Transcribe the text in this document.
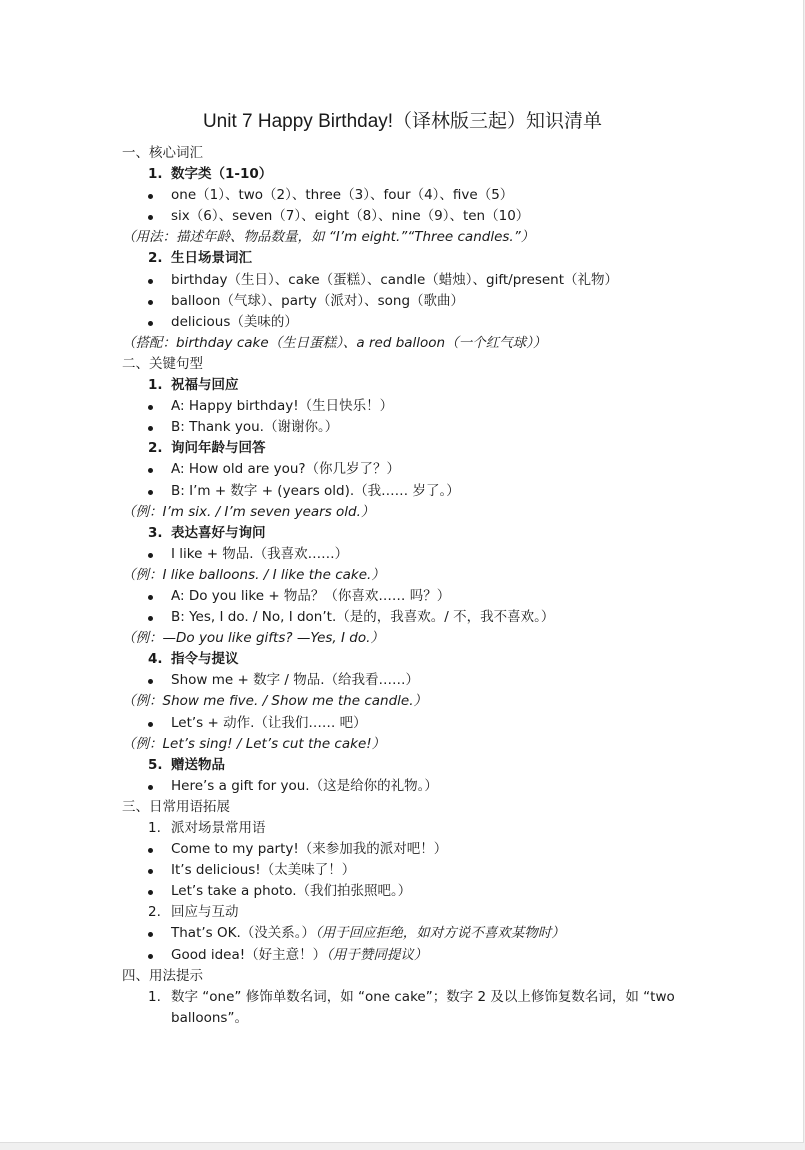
Unit 7 Happy Birthday!（译林版三起）知识清单
一、核心词汇
1. 数字类（1-10）
one（1）、two（2）、three（3）、four（4）、five（5）
six（6）、seven（7）、eight（8）、nine（9）、ten（10）
（用法：描述年龄、物品数量，如 “I’m eight.”“Three candles.”）
2. 生日场景词汇
birthday（生日）、cake（蛋糕）、candle（蜡烛）、gift/present（礼物）
balloon（气球）、party（派对）、song（歌曲）
delicious（美味的）
（搭配：birthday cake（生日蛋糕）、a red balloon（一个红气球））
二、关键句型
1. 祝福与回应
A: Happy birthday!（生日快乐！）
B: Thank you.（谢谢你。）
2. 询问年龄与回答
A: How old are you?（你几岁了？）
B: I’m + 数字 + (years old).（我…… 岁了。）
（例：I’m six. / I’m seven years old.）
3. 表达喜好与询问
I like + 物品.（我喜欢……）
（例：I like balloons. / I like the cake.）
A: Do you like + 物品？（你喜欢…… 吗？）
B: Yes, I do. / No, I don’t.（是的，我喜欢。/ 不，我不喜欢。）
（例：—Do you like gifts? —Yes, I do.）
4. 指令与提议
Show me + 数字 / 物品.（给我看……）
（例：Show me five. / Show me the candle.）
Let’s + 动作.（让我们…… 吧）
（例：Let’s sing! / Let’s cut the cake!）
5. 赠送物品
Here’s a gift for you.（这是给你的礼物。）
三、日常用语拓展
1. 派对场景常用语
Come to my party!（来参加我的派对吧！）
It’s delicious!（太美味了！）
Let’s take a photo.（我们拍张照吧。）
2. 回应与互动
That’s OK.（没关系。）（用于回应拒绝，如对方说不喜欢某物时）
Good idea!（好主意！）（用于赞同提议）
四、用法提示
1. 数字 “one” 修饰单数名词，如 “one cake”；数字 2 及以上修饰复数名词，如 “two balloons”。
